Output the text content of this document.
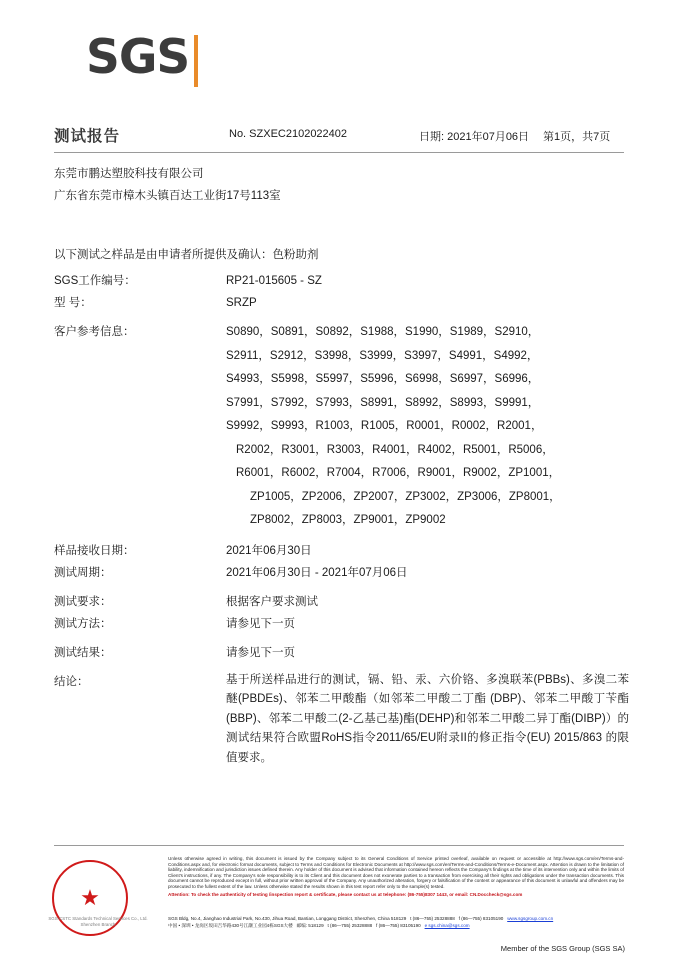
SGS
测试报告	No. SZXEC2102022402	日期: 2021年07月06日 第1页，共7页
东莞市鹏达塑胶科技有限公司
广东省东莞市樟木头镇百达工业街17号113室
以下测试之样品是由申请者所提供及确认：色粉助剂
SGS工作编号：	RP21-015605 - SZ
型 号：	SRZP
客户参考信息：	S0890，S0891，S0892，S1988，S1990，S1989，S2910，
S2911，S2912，S3998，S3999，S3997，S4991，S4992，
S4993，S5998，S5997，S5996，S6998，S6997，S6996，
S7991，S7992，S7993，S8991，S8992，S8993，S9991，
S9992，S9993，R1003，R1005，R0001，R0002，R2001，
R2002，R3001，R3003，R4001，R4002，R5001，R5006，
R6001，R6002，R7004，R7006，R9001，R9002，ZP1001，
ZP1005，ZP2006，ZP2007，ZP3002，ZP3006，ZP8001，
ZP8002，ZP8003，ZP9001，ZP9002
样品接收日期：	2021年06月30日
测试周期：	2021年06月30日 - 2021年07月06日
测试要求：	根据客户要求测试
测试方法：	请参见下一页
测试结果：	请参见下一页
结论：	基于所送样品进行的测试，镉、铅、汞、六价铬、多溴联苯(PBBs)、多溴二苯醚(PBDEs)、邻苯二甲酸酯（如邻苯二甲酸二丁酯 (DBP)、邻苯二甲酸丁苄酯(BBP)、邻苯二甲酸二(2-乙基己基)酯(DEHP)和邻苯二甲酸二异丁酯(DIBP)）的测试结果符合欧盟RoHS指令2011/65/EU附录II的修正指令(EU) 2015/863 的限值要求。
★
SGS-CSTC Standards Technical Services Co., Ltd.
Shenzhen Branch
Unless otherwise agreed in writing, this document is issued by the Company subject to its General Conditions of Service printed overleaf, available on request or accessible at http://www.sgs.com/en/Terms-and-Conditions.aspx and, for electronic format documents, subject to Terms and Conditions for Electronic Documents at http://www.sgs.com/en/Terms-and-Conditions/Terms-e-Document.aspx. Attention is drawn to the limitation of liability, indemnification and jurisdiction issues defined therein. Any holder of this document is advised that information contained hereon reflects the Company's findings at the time of its intervention only and within the limits of Client's instructions, if any. The Company's sole responsibility is to its Client and this document does not exonerate parties to a transaction from exercising all their rights and obligations under the transaction documents. This document cannot be reproduced except in full, without prior written approval of the Company. Any unauthorized alteration, forgery or falsification of the content or appearance of this document is unlawful and offenders may be prosecuted to the fullest extent of the law. Unless otherwise stated the results shown in this test report refer only to the sample(s) tested.
Attention: To check the authenticity of testing /inspection report & certificate, please contact us at telephone: (86-755)8307 1443, or email: CN.Doccheck@sgs.com
SGS Bldg, No.4, Jianghao Industrial Park, No.430, Jihua Road, Bantian, Longgang District, Shenzhen, China 518129 t (86—755) 25328888 f (86—755) 83105190 www.sgsgroup.com.cn
中国 • 深圳 • 龙岗区坂田吉华路430号江灏工业园4栋SGS大楼 邮编: 518129 t (86—755) 25328888 f (86—755) 83105190 e sgs.china@sgs.com
Member of the SGS Group (SGS SA)
